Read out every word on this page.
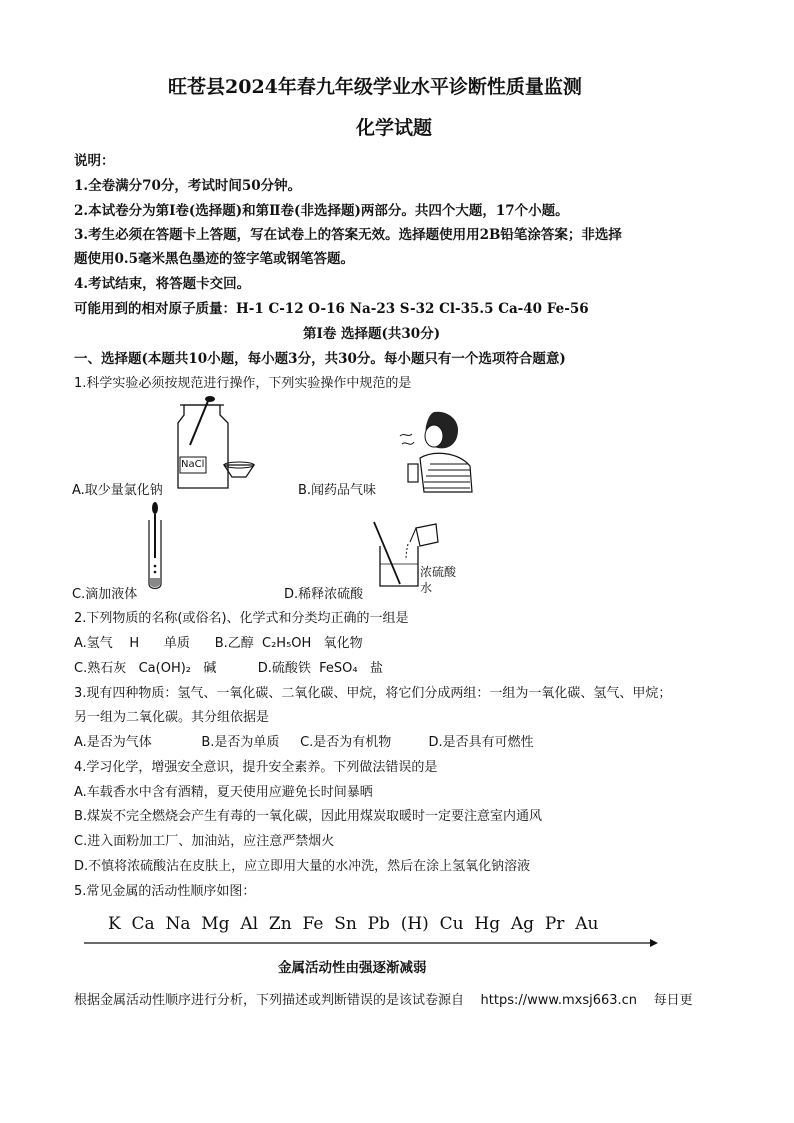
旺苍县2024年春九年级学业水平诊断性质量监测
化学试题
说明：
1.全卷满分70分，考试时间50分钟。
2.本试卷分为第Ⅰ卷(选择题)和第Ⅱ卷(非选择题)两部分。共四个大题，17个小题。
3.考生必须在答题卡上答题，写在试卷上的答案无效。选择题使用用2B铅笔涂答案；非选择
题使用0.5毫米黑色墨迹的签字笔或钢笔答题。
4.考试结束，将答题卡交回。
可能用到的相对原子质量：H-1 C-12 O-16 Na-23 S-32 Cl-35.5 Ca-40 Fe-56
第Ⅰ卷 选择题(共30分)
一、选择题(本题共10小题，每小题3分，共30分。每小题只有一个选项符合题意)
1.科学实验必须按规范进行操作，下列实验操作中规范的是
NaCl
A.取少量氯化钠	B.闻药品气味
C.滴加液体
浓硫酸
水
D.稀释浓硫酸
2.下列物质的名称(或俗名)、化学式和分类均正确的一组是
A.氢气    H      单质      B.乙醇  C₂H₅OH   氧化物
C.熟石灰   Ca(OH)₂   碱          D.硫酸铁  FeSO₄   盐
3.现有四种物质：氢气、一氧化碳、二氧化碳、甲烷，将它们分成两组：一组为一氧化碳、氢气、甲烷；
另一组为二氧化碳。其分组依据是
A.是否为气体            B.是否为单质     C.是否为有机物         D.是否具有可燃性
4.学习化学，增强安全意识，提升安全素养。下列做法错误的是
A.车载香水中含有酒精，夏天使用应避免长时间暴晒
B.煤炭不完全燃烧会产生有毒的一氧化碳，因此用煤炭取暖时一定要注意室内通风
C.进入面粉加工厂、加油站，应注意严禁烟火
D.不慎将浓硫酸沾在皮肤上，应立即用大量的水冲洗，然后在涂上氢氧化钠溶液
5.常见金属的活动性顺序如图：
K  Ca  Na  Mg  Al  Zn  Fe  Sn  Pb  (H)  Cu  Hg  Ag  Pr  Au
金属活动性由强逐渐减弱
根据金属活动性顺序进行分析，下列描述或判断错误的是该试卷源自    https://www.mxsj663.cn    每日更
